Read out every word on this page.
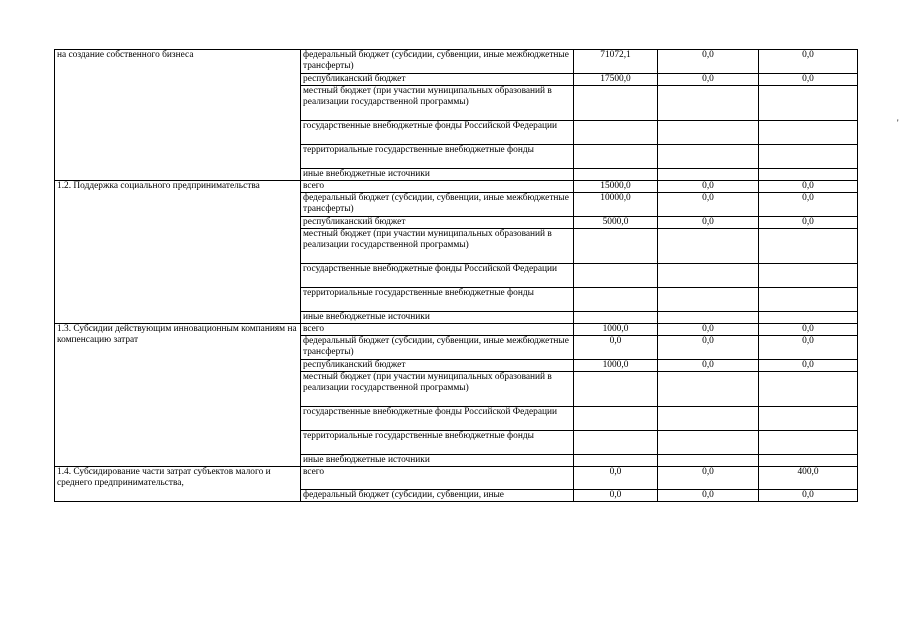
на создание собственного бизнеса	федеральный бюджет (субсидии, субвенции, иные межбюджетные трансферты)	71072,1	0,0	0,0
	республиканский бюджет	17500,0	0,0	0,0
	местный бюджет (при участии муниципальных образований в реализации государственной программы)			
	государственные внебюджетные фонды Российской Федерации			
	территориальные государственные внебюджетные фонды			
	иные внебюджетные источники			
1.2. Поддержка социального предпринимательства	всего	15000,0	0,0	0,0
	федеральный бюджет (субсидии, субвенции, иные межбюджетные трансферты)	10000,0	0,0	0,0
	республиканский бюджет	5000,0	0,0	0,0
	местный бюджет (при участии муниципальных образований в реализации государственной программы)			
	государственные внебюджетные фонды Российской Федерации			
	территориальные государственные внебюджетные фонды			
	иные внебюджетные источники			
1.3. Субсидии действующим инновационным компаниям на компенсацию затрат	всего	1000,0	0,0	0,0
	федеральный бюджет (субсидии, субвенции, иные межбюджетные трансферты)	0,0	0,0	0,0
	республиканский бюджет	1000,0	0,0	0,0
	местный бюджет (при участии муниципальных образований в реализации государственной программы)			
	государственные внебюджетные фонды Российской Федерации			
	территориальные государственные внебюджетные фонды			
	иные внебюджетные источники			
1.4. Субсидирование части затрат субъектов малого и среднего предпринимательства,	всего	0,0	0,0	400,0
	федеральный бюджет (субсидии, субвенции, иные	0,0	0,0	0,0
'
